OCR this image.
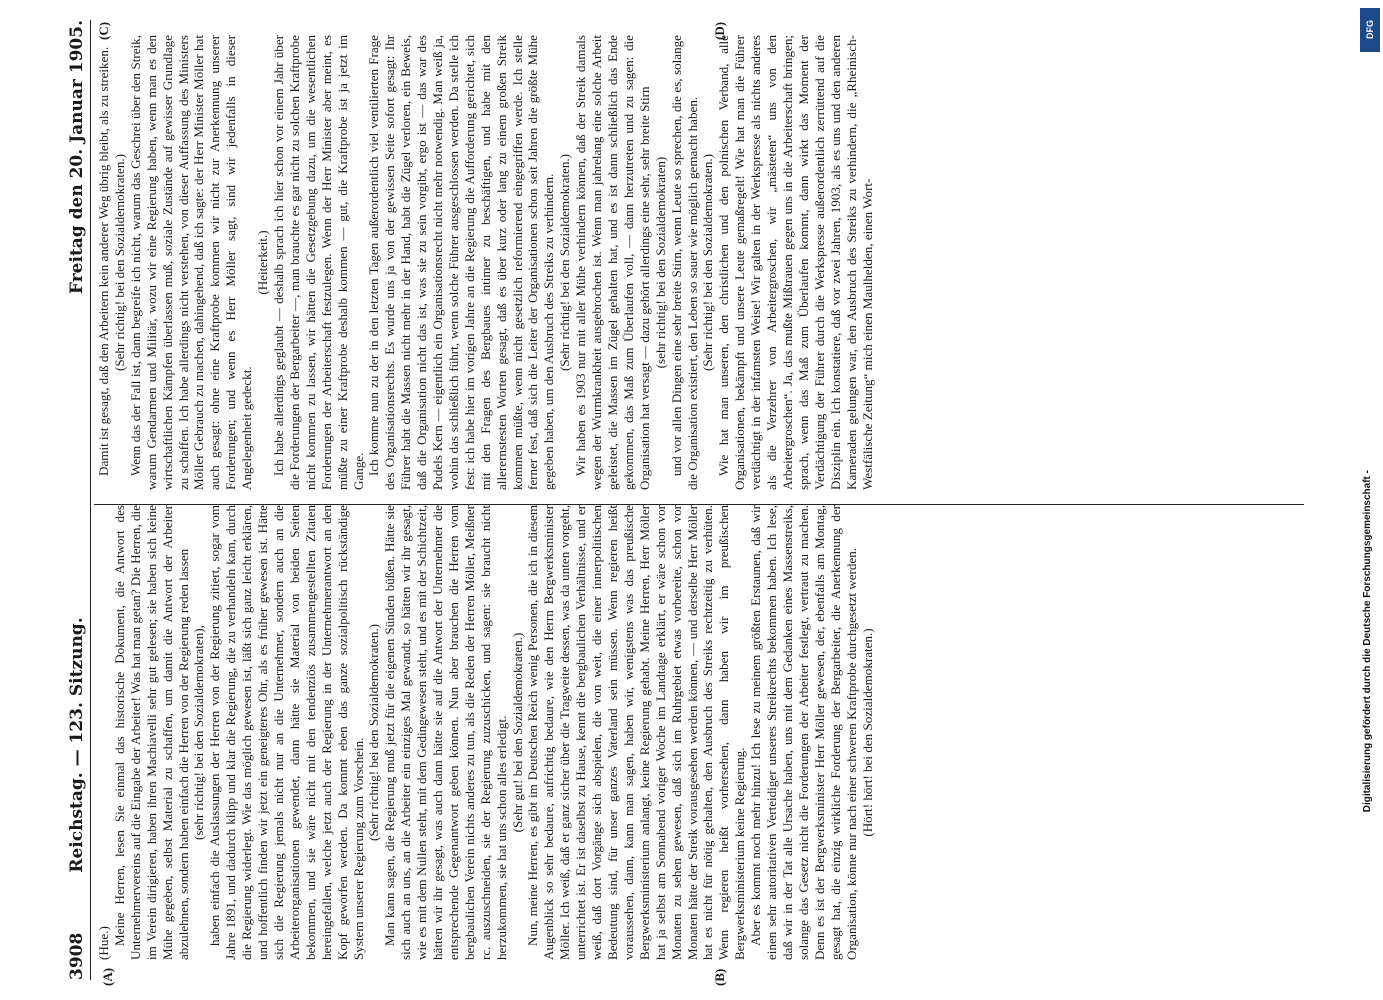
3908
Reichstag. — 123. Sitzung.
Freitag den 20. Januar 1905.
(A)	(B)
(C)	(D)

(Hue.) Meine Herren, lesen Sie einmal das historische Dokument, die Antwort des Unternehmervereins auf die Eingabe der Arbeiter! Was hat man getan? Die Herren, die im Verein dirigieren, haben ihren Machiavelli sehr gut gelesen; sie haben sich keine Mühe gegeben, selbst Material zu schaffen, um damit die Antwort der Arbeiter abzulehnen, sondern haben einfach die Herren von der Regierung reden lassen (sehr richtig! bei den Sozialdemokraten), haben einfach die Auslassungen der Herren von der Regierung zitiert, sogar vom Jahre 1891, und dadurch klipp und klar die Regierung, die zu verhandeln kam, durch die Regierung widerlegt. Wie das möglich gewesen ist, läßt sich ganz leicht erklären, und hoffentlich finden wir jetzt ein geneigteres Ohr, als es früher gewesen ist. Hätte sich die Regierung jemals nicht nur an die Unternehmer, sondern auch an die Arbeiterorganisationen gewendet, dann hätte sie Material von beiden Seiten bekommen, und sie wäre nicht mit den tendenziös zusammengestellten Zitaten hereingefallen, welche jetzt auch der Regierung in der Unternehmerantwort an den Kopf geworfen werden. Da kommt eben das ganze sozialpolitisch rückständige System unserer Regierung zum Vorschein.

(Sehr richtig! bei den Sozialdemokraten.) Man kann sagen, die Regierung muß jetzt für die eigenen Sünden büßen. Hätte sie sich auch an uns, an die Arbeiter ein einziges Mal gewandt, so hätten wir ihr gesagt, wie es mit dem Nullen steht, mit dem Gedingewesen steht, und es mit der Schichtzeit, hätten wir ihr gesagt, was auch dann hätte sie auf die Antwort der Unternehmer die entsprechende Gegenantwort geben können. Nun aber brauchen die Herren vom bergbaulichen Verein nichts anderes zu tun, als die Reden der Herren Möller, Meißner rc. auszuschneiden, sie der Regierung zuzuschicken, und sagen: sie braucht nicht herzukommen, sie hat uns schon alles erledigt. (Sehr gut! bei den Sozialdemokraten.) Nun, meine Herren, es gibt im Deutschen Reich wenig Personen, die ich in diesem Augenblick so sehr bedaure, aufrichtig bedaure, wie den Herrn Bergwerksminister Möller. Ich weiß, daß er ganz sicher über die Tragweite dessen, was da unten vorgeht, unterrichtet ist. Er ist daselbst zu Hause, kennt die bergbaulichen Verhältnisse, und er weiß, daß dort Vorgänge sich abspielen, die von weit, die einer innerpolitischen Bedeutung sind, für unser ganzes Vaterland sein müssen. Wenn regieren heißt voraussehen, dann, kann man sagen, haben wir, wenigstens was das preußische Bergwerksministerium anlangt, keine Regierung gehabt. Meine Herren, Herr Möller hat ja selbst am Sonnabend voriger Woche im Landtage erklärt, er wäre schon vor Monaten zu sehen gewesen, daß sich im Ruhrgebiet etwas vorbereite, schon vor Monaten hätte der Streik vorausgesehen werden können, — und derselbe Herr Möller hat es nicht für nötig gehalten, den Ausbruch des Streiks rechtzeitig zu verhüten. Wenn regieren heißt vorhersehen, dann haben wir im preußischen Bergwerksministerium keine Regierung. Aber es kommt noch mehr hinzu! Ich lese zu meinem größten Erstaunen, daß wir einen sehr autoritativen Verteidiger unseres Streikrechts bekommen haben. Ich lese, daß wir in der Tat alle Ursache haben, uns mit dem Gedanken eines Massenstreiks, solange das Gesetz nicht die Forderungen der Arbeiter festlegt, vertraut zu machen. Denn es ist der Bergwerksminister Herr Möller gewesen, der, ebenfalls am Montag, gesagt hat, die einzig wirkliche Forderung der Bergarbeiter, die Anerkennung der Organisation, könne nur nach einer schweren Kraftprobe durchgesetzt werden. (Hört! hört! bei den Sozialdemokraten.)

Damit ist gesagt, daß den Arbeitern kein anderer Weg übrig bleibt, als zu streiken. (Sehr richtig! bei den Sozialdemokraten.) Wenn das der Fall ist, dann begreife ich nicht, warum das Geschrei über den Streik, warum Gendarmen und Militär, wozu wir eine Regierung haben, wenn man es den wirtschaftlichen Kämpfen überlassen muß, soziale Zustände auf gewisser Grundlage zu schaffen. Ich habe allerdings nicht verstehen, von dieser Auffassung des Ministers Möller Gebrauch zu machen, dahingehend, daß ich sagte: der Herr Minister Möller hat auch gesagt: ohne eine Kraftprobe kommen wir nicht zur Anerkennung unserer Forderungen; und wenn es Herr Möller sagt, sind wir jedenfalls in dieser Angelegenheit gedeckt.

(Heiterkeit.) Ich habe allerdings geglaubt — deshalb sprach ich hier schon vor einem Jahr über die Forderungen der Bergarbeiter —, man brauchte es gar nicht zu solchen Kraftprobe nicht kommen zu lassen, wir hätten die Gesetzgebung dazu, um die wesentlichen Forderungen der Arbeiterschaft festzulegen. Wenn der Herr Minister aber meint, es müßte zu einer Kraftprobe deshalb kommen — gut, die Kraftprobe ist ja jetzt im Gange. Ich komme nun zu der in den letzten Tagen außerordentlich viel ventilierten Frage des Organisationsrechts. Es wurde uns ja von der gewissen Seite sofort gesagt: Ihr Führer habt die Massen nicht mehr in der Hand, habt die Zügel verloren, ein Beweis, daß die Organisation nicht das ist, was sie zu sein vorgibt, ergo ist — das war des Pudels Kern — eigentlich ein Organisationsrecht nicht mehr notwendig. Man weiß ja, wohin das schließlich führt, wenn solche Führer ausgeschlossen werden. Da stelle ich fest: ich habe hier im vorigen Jahre an die Regierung die Aufforderung gerichtet, sich mit den Fragen des Bergbaues intimer zu beschäftigen, und habe mit den allerernstesten Worten gesagt, daß es über kurz oder lang zu einem großen Streik kommen müßte, wenn nicht gesetzlich reformierend eingegriffen werde. Ich stelle ferner fest, daß sich die Leiter der Organisationen schon seit Jahren die größte Mühe gegeben haben, um den Ausbruch des Streiks zu verhindern. (Sehr richtig! bei den Sozialdemokraten.) Wir haben es 1903 nur mit aller Mühe verhindern können, daß der Streik damals wegen der Wurmkrankheit ausgebrochen ist. Wenn man jahrelang eine solche Arbeit geleistet, die Massen im Zügel gehalten hat, und es ist dann schließlich das Ende gekommen, das Maß zum Überlaufen voll, — dann herzutreten und zu sagen: die Organisation hat versagt — dazu gehört allerdings eine sehr, sehr breite Stirn (sehr richtig! bei den Sozialdemokraten) und vor allen Dingen eine sehr breite Stirn, wenn Leute so sprechen, die es, solange die Organisation existiert, den Leben so sauer wie möglich gemacht haben. (Sehr richtig! bei den Sozialdemokraten.) Wie hat man unseren, den christlichen und den polnischen Verband, alle Organisationen, bekämpft und unsere Leute gemaßregelt! Wie hat man die Führer verdächtigt in der infamsten Weise! Wir galten in der Werkspresse als nichts anderes als die Verzehrer von Arbeitergroschen, wir „mästeten“ uns von den Arbeitergroschen“. Ja, das mußte Mißtrauen gegen uns in die Arbeiterschaft bringen; sprach, wenn das Maß zum Überlaufen kommt, dann wirkt das Moment der Verdächtigung der Führer durch die Werkspresse außerordentlich zerrüttend auf die Disziplin ein. Ich konstatiere, daß vor zwei Jahren, 1903, als es uns und den anderen Kameraden gelungen war, den Ausbruch des Streiks zu verhindern, die „Rheinisch-Westfälische Zeitung“ mich einen Maulhelden, einen Wort-

DFG
Digitalisierung gefördert durch die Deutsche Forschungsgemeinschaft -
